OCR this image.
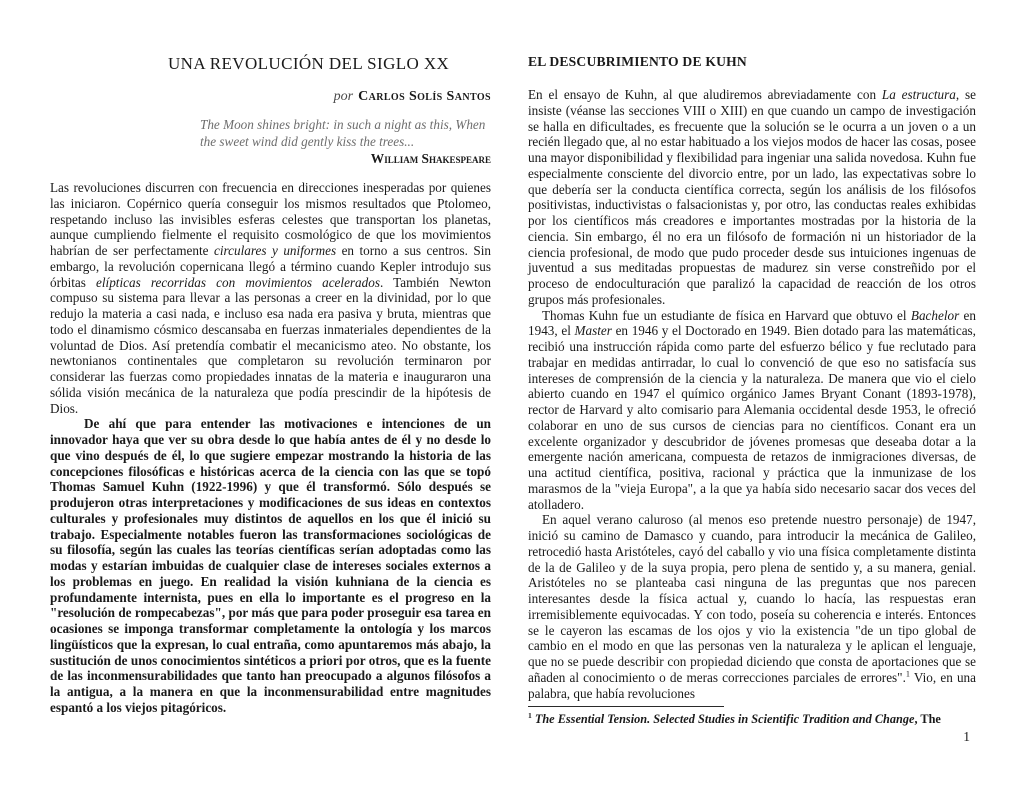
UNA REVOLUCIÓN DEL SIGLO XX
por Carlos Solís Santos
The Moon shines bright: in such a night as this, When the sweet wind did gently kiss the trees...
William Shakespeare

Las revoluciones discurren con frecuencia en direcciones inesperadas por quienes las iniciaron. Copérnico quería conseguir los mismos resultados que Ptolomeo, respetando incluso las invisibles esferas celestes que transportan los planetas, aunque cumpliendo fielmente el requisito cosmológico de que los movimientos habrían de ser perfectamente circulares y uniformes en torno a sus centros. Sin embargo, la revolución copernicana llegó a término cuando Kepler introdujo sus órbitas elípticas recorridas con movimientos acelerados. También Newton compuso su sistema para llevar a las personas a creer en la divinidad, por lo que redujo la materia a casi nada, e incluso esa nada era pasiva y bruta, mientras que todo el dinamismo cósmico descansaba en fuerzas inmateriales dependientes de la voluntad de Dios. Así pretendía combatir el mecanicismo ateo. No obstante, los newtonianos continentales que completaron su revolución terminaron por considerar las fuerzas como propiedades innatas de la materia e inauguraron una sólida visión mecánica de la naturaleza que podía prescindir de la hipótesis de Dios.

De ahí que para entender las motivaciones e intenciones de un innovador haya que ver su obra desde lo que había antes de él y no desde lo que vino después de él, lo que sugiere empezar mostrando la historia de las concepciones filosóficas e históricas acerca de la ciencia con las que se topó Thomas Samuel Kuhn (1922-1996) y que él transformó. Sólo después se produjeron otras interpretaciones y modificaciones de sus ideas en contextos culturales y profesionales muy distintos de aquellos en los que él inició su trabajo. Especialmente notables fueron las transformaciones sociológicas de su filosofía, según las cuales las teorías científicas serían adoptadas como las modas y estarían imbuidas de cualquier clase de intereses sociales externos a los problemas en juego. En realidad la visión kuhniana de la ciencia es profundamente internista, pues en ella lo importante es el progreso en la "resolución de rompecabezas", por más que para poder proseguir esa tarea en ocasiones se imponga transformar completamente la ontología y los marcos lingüísticos que la expresan, lo cual entraña, como apuntaremos más abajo, la sustitución de unos conocimientos sintéticos a priori por otros, que es la fuente de las inconmensurabilidades que tanto han preocupado a algunos filósofos a la antigua, a la manera en que la inconmensurabilidad entre magnitudes espantó a los viejos pitagóricos.

EL DESCUBRIMIENTO DE KUHN

En el ensayo de Kuhn, al que aludiremos abreviadamente con La estructura, se insiste (véanse las secciones VIII o XIII) en que cuando un campo de investigación se halla en dificultades, es frecuente que la solución se le ocurra a un joven o a un recién llegado que, al no estar habituado a los viejos modos de hacer las cosas, posee una mayor disponibilidad y flexibilidad para ingeniar una salida novedosa. Kuhn fue especialmente consciente del divorcio entre, por un lado, las expectativas sobre lo que debería ser la conducta científica correcta, según los análisis de los filósofos positivistas, inductivistas o falsacionistas y, por otro, las conductas reales exhibidas por los científicos más creadores e importantes mostradas por la historia de la ciencia. Sin embargo, él no era un filósofo de formación ni un historiador de la ciencia profesional, de modo que pudo proceder desde sus intuiciones ingenuas de juventud a sus meditadas propuestas de madurez sin verse constreñido por el proceso de endoculturación que paralizó la capacidad de reacción de los otros grupos más profesionales.

Thomas Kuhn fue un estudiante de física en Harvard que obtuvo el Bachelor en 1943, el Master en 1946 y el Doctorado en 1949. Bien dotado para las matemáticas, recibió una instrucción rápida como parte del esfuerzo bélico y fue reclutado para trabajar en medidas antirradar, lo cual lo convenció de que eso no satisfacía sus intereses de comprensión de la ciencia y la naturaleza. De manera que vio el cielo abierto cuando en 1947 el químico orgánico James Bryant Conant (1893-1978), rector de Harvard y alto comisario para Alemania occidental desde 1953, le ofreció colaborar en uno de sus cursos de ciencias para no científicos. Conant era un excelente organizador y descubridor de jóvenes promesas que deseaba dotar a la emergente nación americana, compuesta de retazos de inmigraciones diversas, de una actitud científica, positiva, racional y práctica que la inmunizase de los marasmos de la "vieja Europa", a la que ya había sido necesario sacar dos veces del atolladero.

En aquel verano caluroso (al menos eso pretende nuestro personaje) de 1947, inició su camino de Damasco y cuando, para introducir la mecánica de Galileo, retrocedió hasta Aristóteles, cayó del caballo y vio una física completamente distinta de la de Galileo y de la suya propia, pero plena de sentido y, a su manera, genial. Aristóteles no se planteaba casi ninguna de las preguntas que nos parecen interesantes desde la física actual y, cuando lo hacía, las respuestas eran irremisiblemente equivocadas. Y con todo, poseía su coherencia e interés. Entonces se le cayeron las escamas de los ojos y vio la existencia "de un tipo global de cambio en el modo en que las personas ven la naturaleza y le aplican el lenguaje, que no se puede describir con propiedad diciendo que consta de aportaciones que se añaden al conocimiento o de meras correcciones parciales de errores".$^1$ Vio, en una palabra, que había revoluciones

$^1$ The Essential Tension. Selected Studies in Scientific Tradition and Change, The
1
